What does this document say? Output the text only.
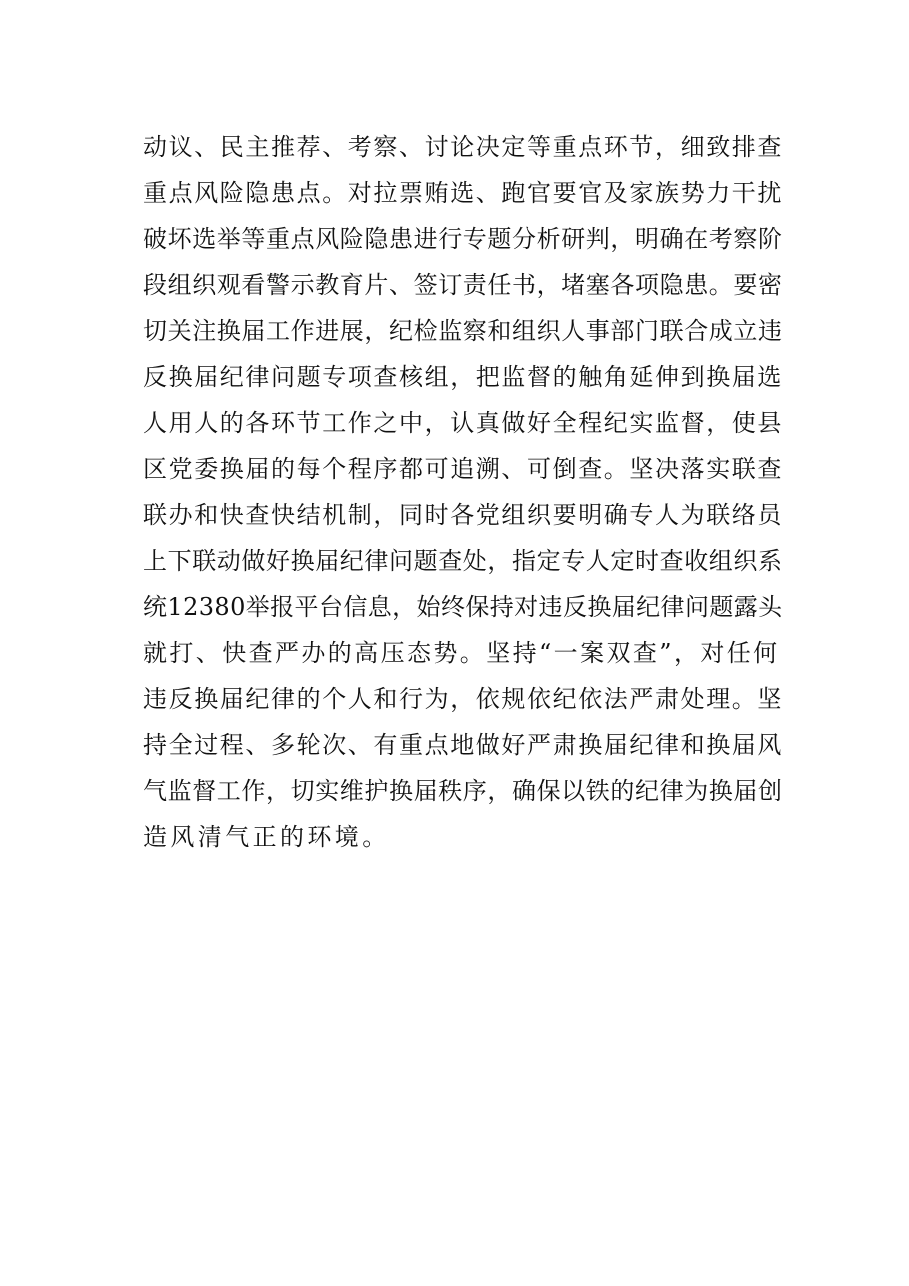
动议、民主推荐、考察、讨论决定等重点环节，细致排查
重点风险隐患点。对拉票贿选、跑官要官及家族势力干扰
破坏选举等重点风险隐患进行专题分析研判，明确在考察阶
段组织观看警示教育片、签订责任书，堵塞各项隐患。要密
切关注换届工作进展，纪检监察和组织人事部门联合成立违
反换届纪律问题专项查核组，把监督的触角延伸到换届选
人用人的各环节工作之中，认真做好全程纪实监督，使县
区党委换届的每个程序都可追溯、可倒查。坚决落实联查
联办和快查快结机制，同时各党组织要明确专人为联络员
上下联动做好换届纪律问题查处，指定专人定时查收组织系
统12380举报平台信息，始终保持对违反换届纪律问题露头
就打、快查严办的高压态势。坚持“一案双查”，对任何
违反换届纪律的个人和行为，依规依纪依法严肃处理。坚
持全过程、多轮次、有重点地做好严肃换届纪律和换届风
气监督工作，切实维护换届秩序，确保以铁的纪律为换届创
造风清气正的环境。
